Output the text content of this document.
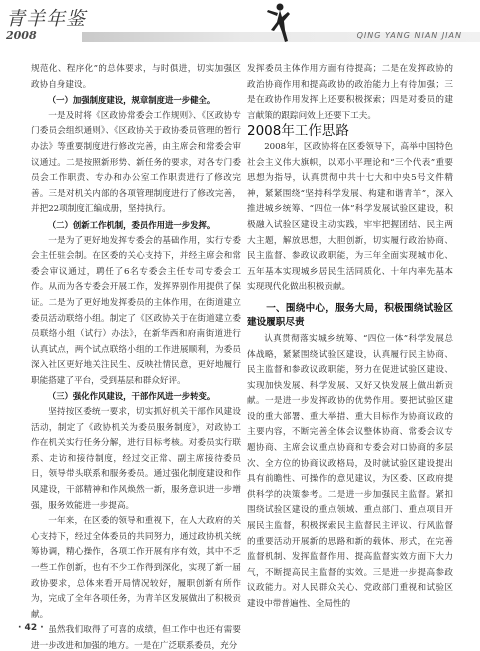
青羊年鉴
2008	QING YANG NIAN JIAN

规范化、程序化”的总体要求，与时俱进，切实加强区政协自身建设。

（一）加强制度建设，规章制度进一步健全。

一是及时将《区政协常委会工作规则》、《区政协专门委员会组织通则》、《区政协关于政协委员管理的暂行办法》等重要制度进行修改完善，由主席会和常委会审议通过。二是按照新形势、新任务的要求，对各专门委员会工作职责、专办和办公室工作职责进行了修改完善。三是对机关内部的各项管理制度进行了修改完善，并把22项制度汇编成册，坚持执行。

（二）创新工作机制，委员作用进一步发挥。

一是为了更好地发挥专委会的基础作用，实行专委会主任驻会制。在区委的关心支持下，并经主席会和常委会审议通过，聘任了6名专委会主任专司专委会工作。从而为各专委会开展工作，发挥界别作用提供了保证。二是为了更好地发挥委员的主体作用，在街道建立委员活动联络小组。制定了《区政协关于在街道建立委员联络小组（试行）办法》，在新华西和府南街道进行认真试点，两个试点联络小组的工作进展顺利，为委员深入社区更好地关注民生、反映社情民意，更好地履行职能搭建了平台，受到基层和群众好评。

（三）强化作风建设，干部作风进一步转变。

坚持按区委统一要求，切实抓好机关干部作风建设活动，制定了《政协机关为委员服务制度》，对政协工作在机关实行任务分解，进行目标考核。对委员实行联系、走访和接待制度，经过交正常、副主席接待委员日，领导带头联系和服务委员。通过强化制度建设和作风建设，干部精神和作风焕然一新，服务意识进一步增强，服务效能进一步提高。

一年来，在区委的领导和重视下，在人大政府的关心支持下，经过全体委员的共同努力，通过政协机关统筹协调，精心操作，各项工作开展有序有效，其中不乏一些工作创新，也有不少工作得到深化，实现了新一届政协要求，总体来看开局情况较好，履职创新有所作为，完成了全年各项任务，为青羊区发展做出了积极贡献。

虽然我们取得了可喜的成绩，但工作中也还有需要进一步改进和加强的地方。一是在广泛联系委员，充分

发挥委员主体作用方面有待提高；二是在发挥政协的政治协商作用和提高政协的政治能力上有待加强；三是在政协作用发挥上还要积极探索；四是对委员的建言献策的跟踪问效上还要下工夫。

2008年工作思路

2008年，区政协将在区委领导下，高举中国特色社会主义伟大旗帜，以邓小平理论和“三个代表”重要思想为指导，认真贯彻中共十七大和中央5号文件精神，紧紧围绕“坚持科学发展、构建和谐青羊”，深入推进城乡统筹、“四位一体”科学发展试验区建设，积极融入试验区建设主动实践，牢牢把握团结、民主两大主题，解放思想，大胆创新，切实履行政治协商、民主监督、参政议政职能，为三年全面实现城市化、五年基本实现城乡居民生活同质化、十年内率先基本实现现代化做出积极贡献。

一、围绕中心，服务大局，积极围绕试验区建设履职尽责

认真贯彻落实城乡统筹、“四位一体”科学发展总体战略，紧紧围绕试验区建设，认真履行民主协商、民主监督和参政议政职能，努力在促进试验区建设、实现加快发展、科学发展、又好又快发展上做出新贡献。一是进一步发挥政协的优势作用。要把试验区建设的重大部署、重大举措、重大目标作为协商议政的主要内容，不断完善全体会议整体协商、常委会议专题协商、主席会议重点协商和专委会对口协商的多层次、全方位的协商议政格局，及时就试验区建设提出具有前瞻性、可操作的意见建议，为区委、区政府提供科学的决策参考。二是进一步加强民主监督。紧扣围绕试验区建设的重点领域、重点部门、重点项目开展民主监督，积极探索民主监督民主评议、行风监督的重要活动开展新的思路和新的载体、形式，在完善监督机制、发挥监督作用、提高监督实效方面下大力气，不断提高民主监督的实效。三是进一步提高参政议政能力。对人民群众关心、党政部门重视和试验区建设中带普遍性、全局性的

· 42 ·
